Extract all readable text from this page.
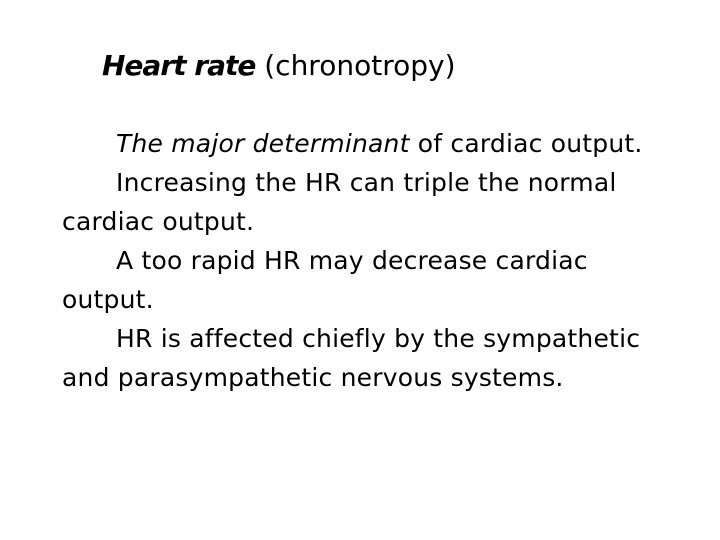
Heart rate (chronotropy)

The major determinant of cardiac output.

Increasing the HR can triple the normal cardiac output.

A too rapid HR may decrease cardiac output.

HR is affected chiefly by the sympathetic and parasympathetic nervous systems.
